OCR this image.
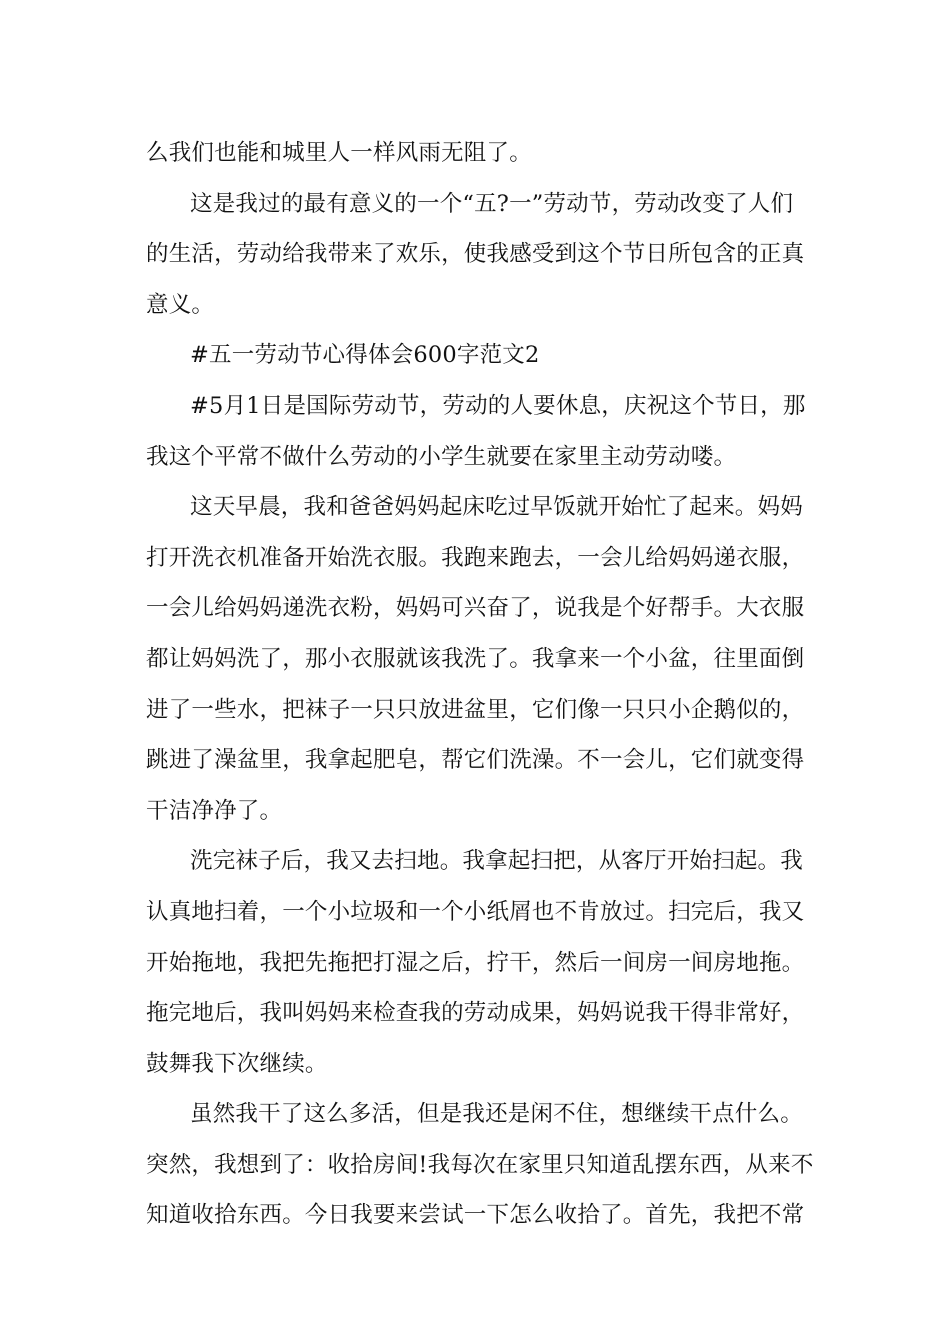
么我们也能和城里人一样风雨无阻了。

这是我过的最有意义的一个“五?一”劳动节，劳动改变了人们
的生活，劳动给我带来了欢乐，使我感受到这个节日所包含的正真
意义。

#五一劳动节心得体会600字范文2

#5月1日是国际劳动节，劳动的人要休息，庆祝这个节日，那
我这个平常不做什么劳动的小学生就要在家里主动劳动喽。

这天早晨，我和爸爸妈妈起床吃过早饭就开始忙了起来。妈妈
打开洗衣机准备开始洗衣服。我跑来跑去，一会儿给妈妈递衣服，
一会儿给妈妈递洗衣粉，妈妈可兴奋了，说我是个好帮手。大衣服
都让妈妈洗了，那小衣服就该我洗了。我拿来一个小盆，往里面倒
进了一些水，把袜子一只只放进盆里，它们像一只只小企鹅似的，
跳进了澡盆里，我拿起肥皂，帮它们洗澡。不一会儿，它们就变得
干洁净净了。

洗完袜子后，我又去扫地。我拿起扫把，从客厅开始扫起。我
认真地扫着，一个小垃圾和一个小纸屑也不肯放过。扫完后，我又
开始拖地，我把先拖把打湿之后，拧干，然后一间房一间房地拖。
拖完地后，我叫妈妈来检查我的劳动成果，妈妈说我干得非常好，
鼓舞我下次继续。

虽然我干了这么多活，但是我还是闲不住，想继续干点什么。
突然，我想到了：收拾房间!我每次在家里只知道乱摆东西，从来不
知道收拾东西。今日我要来尝试一下怎么收拾了。首先，我把不常
